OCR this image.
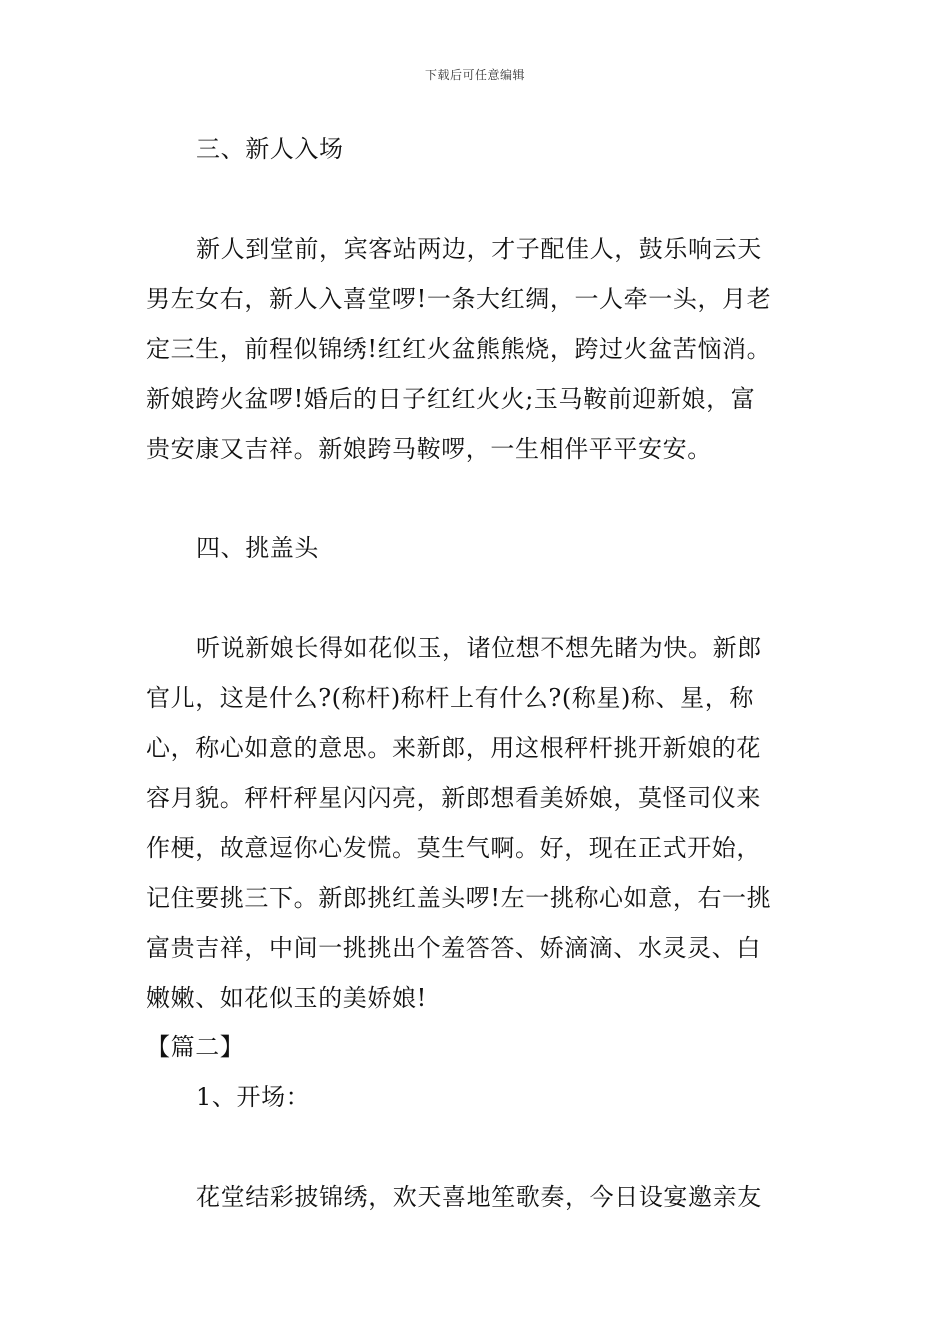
下载后可任意编辑
三、新人入场
新人到堂前，宾客站两边，才子配佳人，鼓乐响云天
男左女右，新人入喜堂啰!一条大红绸，一人牵一头，月老
定三生，前程似锦绣!红红火盆熊熊烧，跨过火盆苦恼消。
新娘跨火盆啰!婚后的日子红红火火;玉马鞍前迎新娘，富
贵安康又吉祥。新娘跨马鞍啰，一生相伴平平安安。
四、挑盖头
听说新娘长得如花似玉，诸位想不想先睹为快。新郎
官儿，这是什么?(称杆)称杆上有什么?(称星)称、星，称
心，称心如意的意思。来新郎，用这根秤杆挑开新娘的花
容月貌。秤杆秤星闪闪亮，新郎想看美娇娘，莫怪司仪来
作梗，故意逗你心发慌。莫生气啊。好，现在正式开始，
记住要挑三下。新郎挑红盖头啰!左一挑称心如意，右一挑
富贵吉祥，中间一挑挑出个羞答答、娇滴滴、水灵灵、白
嫩嫩、如花似玉的美娇娘!
【篇二】
1、开场：
花堂结彩披锦绣，欢天喜地笙歌奏，今日设宴邀亲友
